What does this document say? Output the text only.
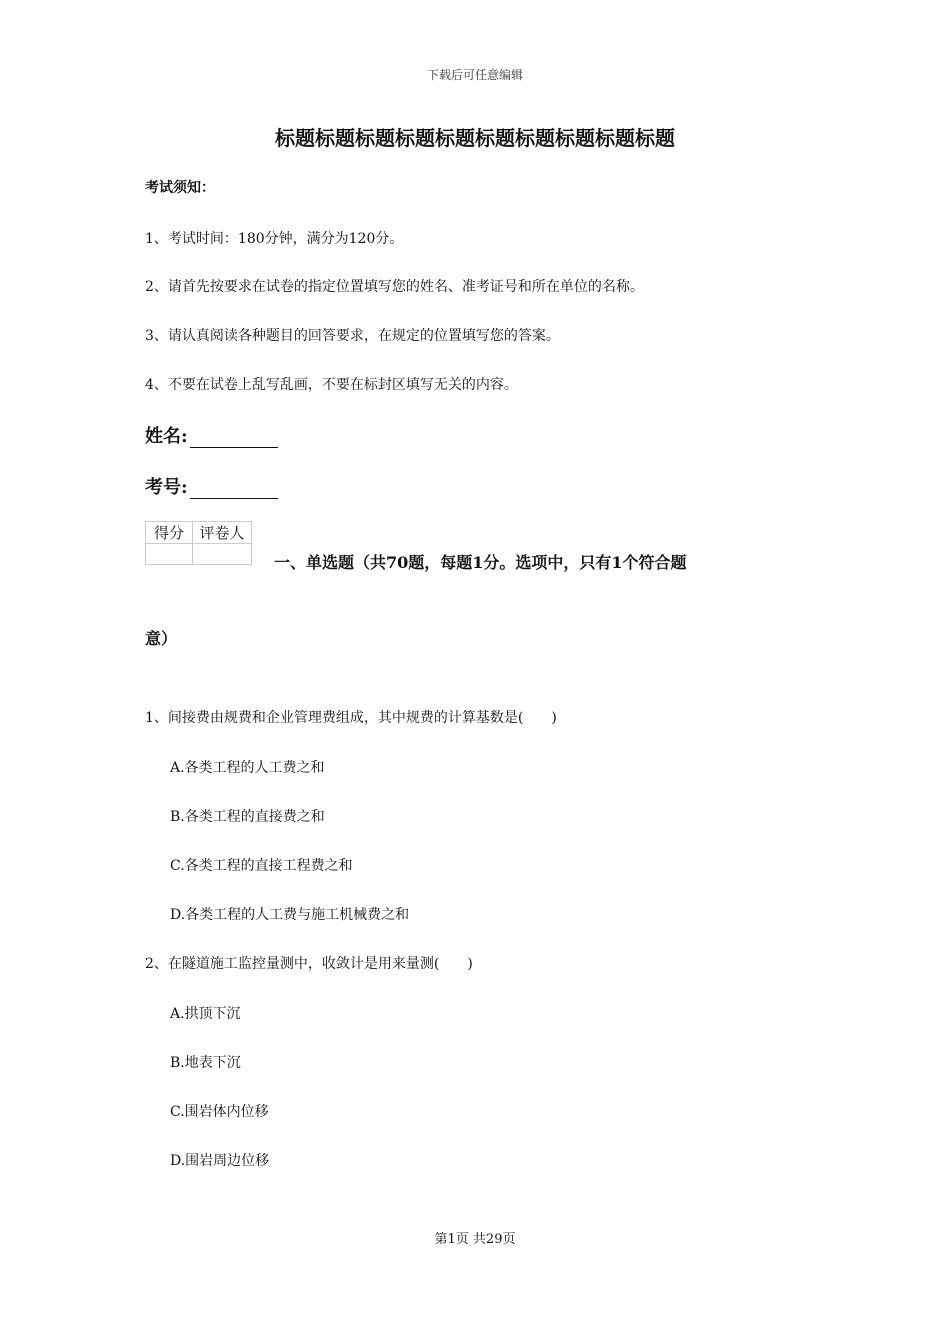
下载后可任意编辑
标题标题标题标题标题标题标题标题标题标题
考试须知：
1、考试时间：180分钟，满分为120分。
2、请首先按要求在试卷的指定位置填写您的姓名、准考证号和所在单位的名称。
3、请认真阅读各种题目的回答要求，在规定的位置填写您的答案。
4、不要在试卷上乱写乱画，不要在标封区填写无关的内容。
姓名:
考号:
得分	评卷人

一、单选题（共70题，每题1分。选项中，只有1个符合题
意）
1、间接费由规费和企业管理费组成，其中规费的计算基数是(　　)
A.各类工程的人工费之和
B.各类工程的直接费之和
C.各类工程的直接工程费之和
D.各类工程的人工费与施工机械费之和
2、在隧道施工监控量测中，收敛计是用来量测(　　)
A.拱顶下沉
B.地表下沉
C.围岩体内位移
D.围岩周边位移
第1页 共29页
